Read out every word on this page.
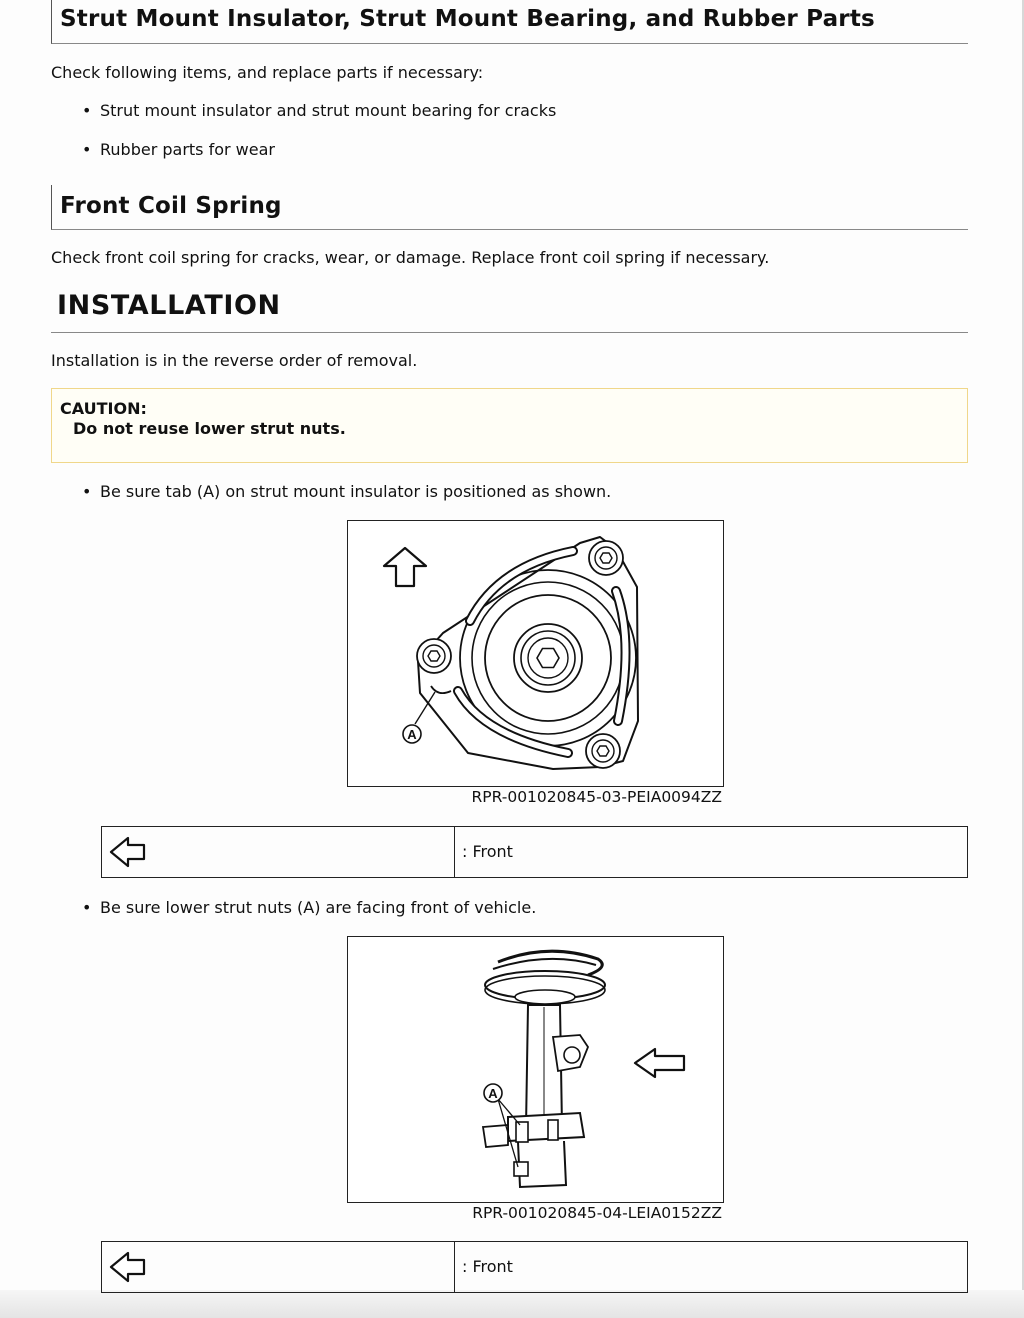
Strut Mount Insulator, Strut Mount Bearing, and Rubber Parts

Check following items, and replace parts if necessary:

• Strut mount insulator and strut mount bearing for cracks
• Rubber parts for wear
Front Coil Spring

Check front coil spring for cracks, wear, or damage. Replace front coil spring if necessary.

INSTALLATION

Installation is in the reverse order of removal.

CAUTION:
Do not reuse lower strut nuts.
• Be sure tab (A) on strut mount insulator is positioned as shown.
A
RPR-001020845-03-PEIA0094ZZ
: Front
• Be sure lower strut nuts (A) are facing front of vehicle.
A
RPR-001020845-04-LEIA0152ZZ
: Front
